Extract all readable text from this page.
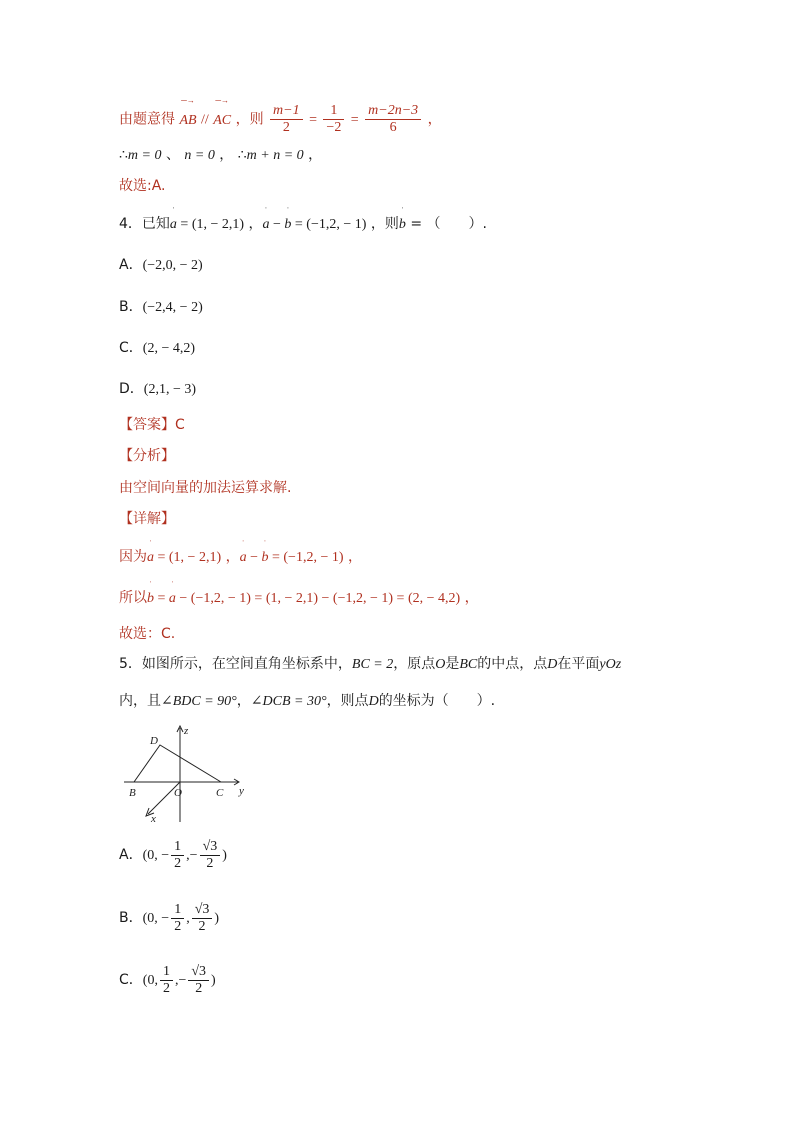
由题意得
─→
AB //
─→
AC ，则 $\frac{m-1}{2} = \frac{1}{-2} = \frac{m-2n-3}{6}$ ，
∴m = 0 、 n = 0 ， ∴m + n = 0 ，
故选:A.
4．已知
ˈ
a = (1, − 2,1) ，
ˈ
a −
ˈ
b = (−1,2, − 1) ，则
ˈ
b = （　　）.
A．(−2,0, − 2)
B．(−2,4, − 2)
C．(2, − 4,2)
D．(2,1, − 3)
【答案】C
【分析】
由空间向量的加法运算求解.
【详解】
因为
ˈ
a = (1, − 2,1) ，
ˈ
a −
ˈ
b = (−1,2, − 1) ，
所以
ˈ
b =
ˈ
a − (−1,2, − 1) = (1, − 2,1) − (−1,2, − 1) = (2, − 4,2) ，
故选：C.
5．如图所示，在空间直角坐标系中，BC = 2，原点O是BC的中点，点D在平面yOz
内，且∠BDC = 90°，∠DCB = 30°，则点D的坐标为（　　）.
z
D
B	O	C y
x
A．(0, − $\frac{1}{2}$ ,− $\frac{√3}{2}$ )
B．(0, − $\frac{1}{2}$ , $\frac{√3}{2}$ )
C．(0, $\frac{1}{2}$ ,− $\frac{√3}{2}$ )
